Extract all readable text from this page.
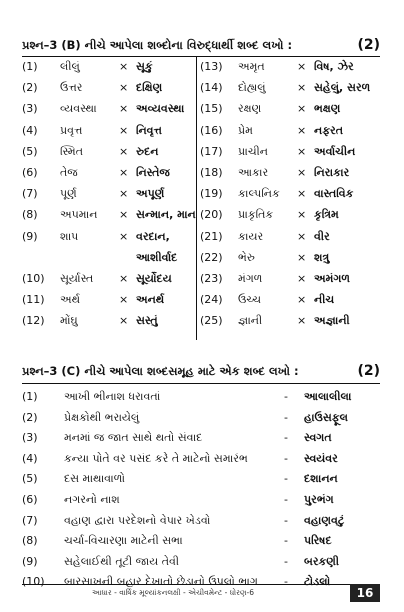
પ્રશ્ન–3 (B) નીચે આપેલા શબ્દોના વિરુદ્ધાર્થી શબ્દ લખો :	(2)
(1) લીલું	× સૂકું
(2) ઉત્તર	× દક્ષિણ
(3) વ્યવસ્થા × અવ્યવસ્થા
(4) પ્રવૃત્ત	× નિવૃત્ત
(5) સ્મિત	× રુદન
(6) તેજ	× નિસ્તેજ
(7) પૂર્ણ	× અપૂર્ણ
(8) અપમાન × સન્માન, માન
(9) શાપ	× વરદાન,
આશીર્વાદ
(10) સૂર્યાસ્ત × સૂર્યોદય
(11) અર્થ	× અનર્થ
(12) મોંઘુ	× સસ્તું
(13) અમૃત	× વિષ, ઝેર
(14) દોહ્યલું	× સહેલું, સરળ
(15) રક્ષણ	× ભક્ષણ
(16) પ્રેમ	× નફરત
(17) પ્રાચીન	× અર્વાચીન
(18) આકાર	× નિરાકાર
(19) કાલ્પનિક × વાસ્તવિક
(20) પ્રાકૃતિક × કૃત્રિમ
(21) કાયર	× વીર
(22) ભેરુ	× શત્રુ
(23) મંગળ	× અમંગળ
(24) ઉચ્ચ	× નીચ
(25) જ્ઞાની	× અજ્ઞાની
પ્રશ્ન–3 (C) નીચે આપેલા શબ્દસમૂહ માટે એક શબ્દ લખો :	(2)
(1) આખી ભીનાશ ધરાવતાં	- આલાલીલા
(2) પ્રેક્ષકોથી ભરાયેલું	- હાઉસફૂલ
(3) મનમાં જ જાત સાથે થતો સંવાદ	- સ્વગત
(4) કન્યા પોતે વર પસંદ કરે તે માટેનો સમારંભ	- સ્વયંવર
(5) દસ માથાવાળો	- દશાનન
(6) નગરનો નાશ	- પુરભંગ
(7) વહાણ દ્વારા પરદેશનો વેપાર ખેડવો	- વહાણવટું
(8) ચર્ચા-વિચારણા માટેની સભા	- પરિષદ
(9) સહેલાઈથી તૂટી જાય તેવી	- બરકણી
(10) બારસાખની બહાર દેખાતો છેડાનો ઉપલો ભાગ - ટોડલો
આધાર - વાર્ષિક મૂલ્યાંકનલક્ષી - એચીવમેન્ટ - ધોરણ-6	16
